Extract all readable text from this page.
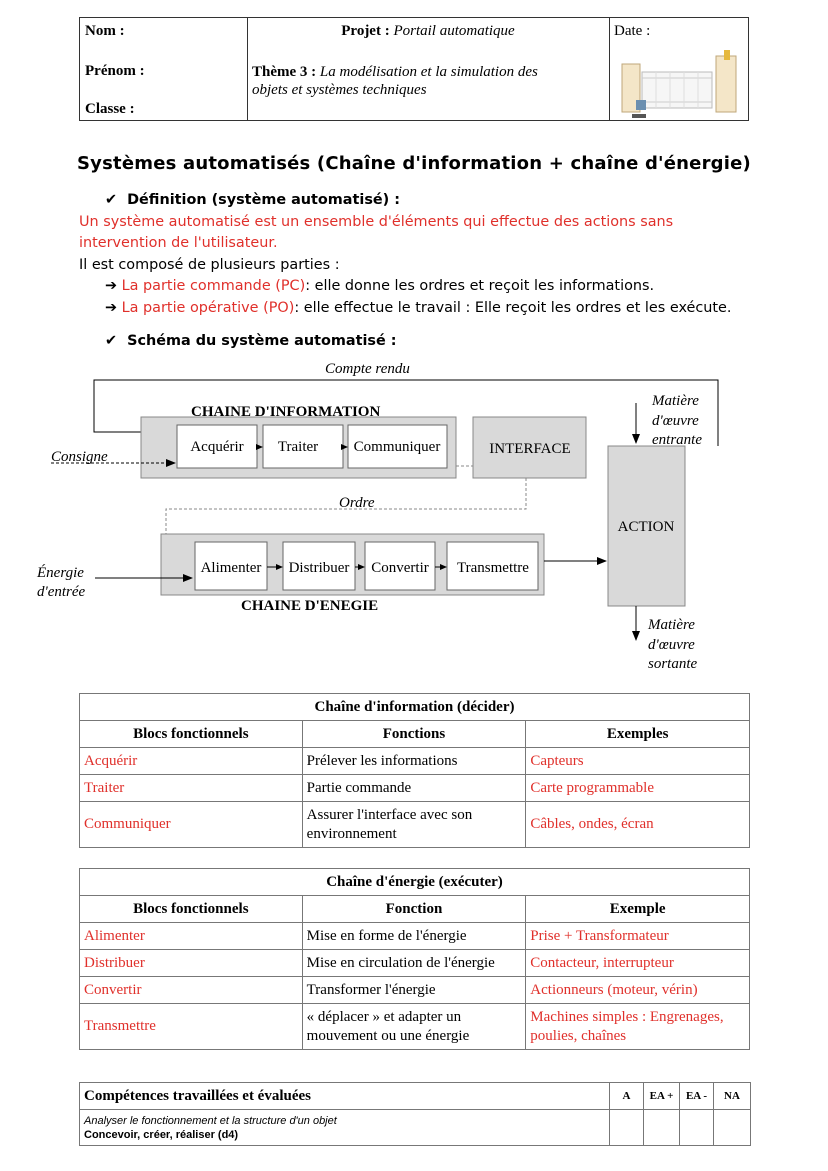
Nom :
Prénom :
Classe :
Projet : Portail automatique
Thème 3 : La modélisation et la simulation des
objets et systèmes techniques
Date :
Systèmes automatisés (Chaîne d'information + chaîne d'énergie)
✔ Définition (système automatisé) :
Un système automatisé est un ensemble d'éléments qui effectue des actions sans
intervention de l'utilisateur.
Il est composé de plusieurs parties :
➔ La partie commande (PC): elle donne les ordres et reçoit les informations.
➔ La partie opérative (PO): elle effectue le travail : Elle reçoit les ordres et les exécute.
✔ Schéma du système automatisé :
Compte rendu
CHAINE D'INFORMATION
Acquérir Traiter Communiquer
Consigne	INTERFACE
Ordre
ACTION
Matière
d'œuvre
entrante
Alimenter Distribuer Convertir Transmettre
CHAINE D'ENEGIE
Énergie
d'entrée
Matière
d'œuvre
sortante
Chaîne d'information (décider)		
Blocs fonctionnels	Fonctions	Exemples
Acquérir	Prélever les informations	Capteurs
Traiter	Partie commande	Carte programmable
Communiquer	Assurer l'interface avec son environnement	Câbles, ondes, écran
Chaîne d'énergie (exécuter)		
Blocs fonctionnels	Fonction	Exemple
Alimenter	Mise en forme de l'énergie	Prise + Transformateur
Distribuer	Mise en circulation de l'énergie	Contacteur, interrupteur
Convertir	Transformer l'énergie	Actionneurs (moteur, vérin)
Transmettre	« déplacer » et adapter un mouvement ou une énergie	Machines simples : Engrenages, poulies, chaînes
Compétences travaillées et évaluées	A	EA +	EA -	NA
Analyser le fonctionnement et la structure d'un objet
Concevoir, créer, réaliser (d4)				
